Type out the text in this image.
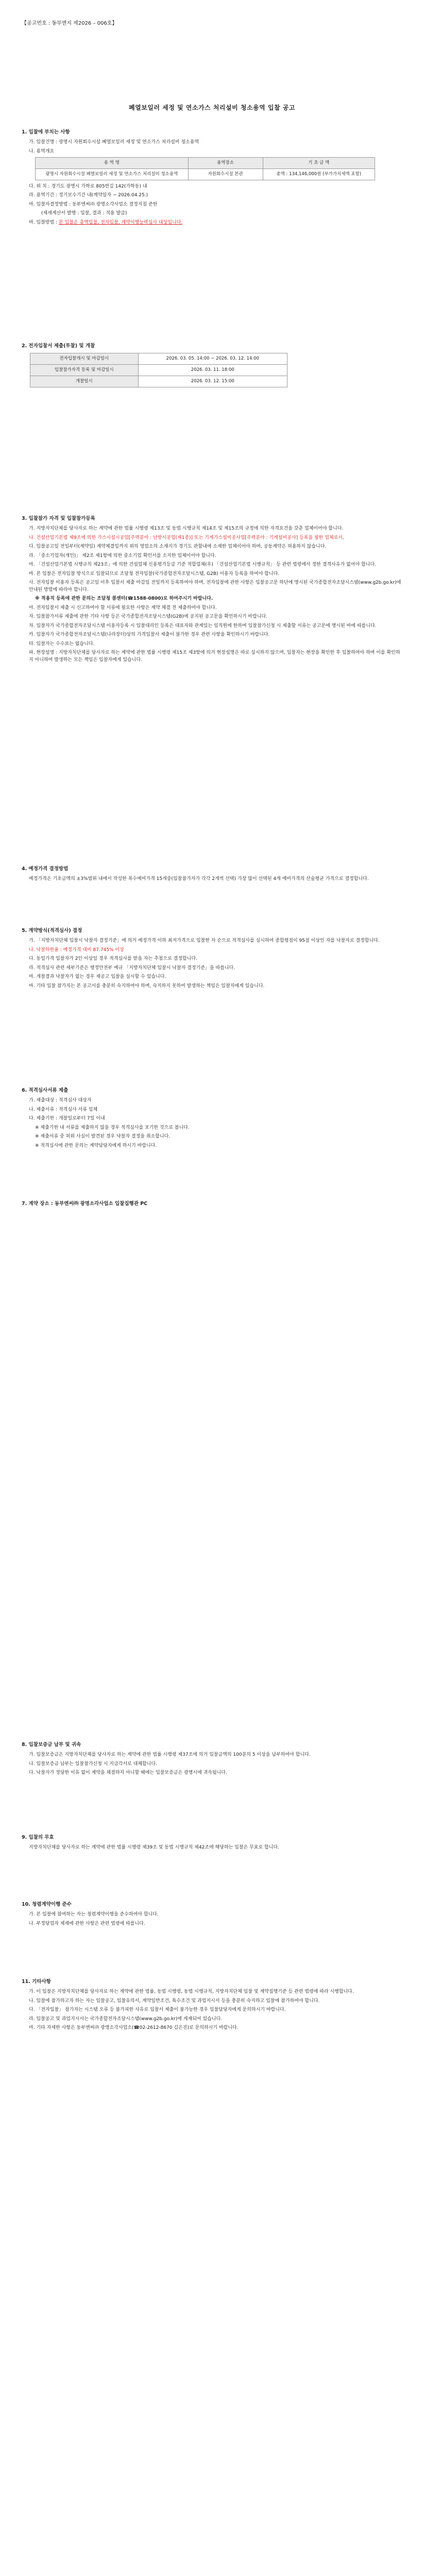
【공고번호 : 동부엔지 제2026 – 006호】
폐열보일러 세정 및 연소가스 처리설비 청소용역 입찰 공고
1. 입찰에 부치는 사항
가. 입찰건명 : 광명시 자원회수시설 폐열보일러 세정 및 연소가스 처리설비 청소용역
나. 용역개요
용 역 명	용역장소	기 초 금 액
광명시 자원회수시설 폐열보일러 세정 및 연소가스 처리설비 청소용역	자원회수시설 본관	총액 : 134,146,000원 (부가가치세액 포함)
다. 위 치 : 경기도 광명시 가학로 805번길 142(가학동) 내
라. 용역기간 : 정기보수기간 내(계약일자 ~ 2026.04.25.)
마. 입찰자결정방법 : 동부엔씨㈜ 광명소각사업소 결정지침 준한
(제세계산서 발행 : 입찰, 결과 : 적용 발급)
바. 입찰방법 : 본 입찰은 총액입찰, 전자입찰, 계약이행능력심사 대상입니다.
2. 전자입찰서 제출(투찰) 및 개찰
전자입찰개시 및 마감일시	2026. 03. 05. 14:00 ~ 2026. 03. 12. 14:00
입찰참가자격 등록 및 마감일시	2026. 03. 11. 18:00
개찰일시	2026. 03. 12. 15:00
3. 입찰참가 자격 및 입찰참가등록
가. 지방자치단체를 당사자로 하는 계약에 관한 법률 시행령 제13조 및 동법 시행규칙 제14조 및 제15조의 규정에 의한 자격요건을 갖춘 업체이어야 합니다.
나. 건설산업기본법 제9조에 의한 가스시설시공업[주력분야 : 난방시공업(제1종)] 또는 기계가스설비공사업[주력분야 : 기계설비공사] 등록을 필한 업체로서,
다. 입찰공고일 전일부터(계약일) 계약체결일까지 위의 영업소의 소재지가 경기도 관할내에 소재한 업체이어야 하며, 공동계약은 허용하지 않습니다.
라. 「중소기업자(개인)」 제2조 제1항에 의한 중소기업 확인서를 소지한 업체이어야 합니다.
마. 「건설산업기본법 시행규칙 제23조」에 의한 건설업체 신용평가등급 기준 적합업체(우) 「건설산업기본법 시행규칙」 등 관련 법령에서 정한 결격사유가 없어야 합니다.
바. 본 입찰은 전자입찰 방식으로 입찰되므로 조달청 전자입찰(국가종합전자조달시스템, G2B) 이용자 등록을 하여야 합니다.
사. 전자입찰 이용자 등록은 공고일 이후 입찰서 제출 마감일 전일까지 등록하여야 하며, 전자입찰에 관한 사항은 입찰공고문 하단에 명시된 국가종합전자조달시스템(www.g2b.go.kr)에 안내된 방법에 따라야 합니다.
※ 적용직 등록에 관한 문의는 조달청 콜센터(☎1588-0800)로 하여주시기 바랍니다.
아. 전자입찰서 제출 시 신고하여야 할 서류에 필요한 사항은 계약 체결 전 제출하여야 합니다.
자. 입찰참가서류 제출에 관한 기타 사항 등은 국가종합전자조달시스템(G2B)에 공지된 공고문을 확인하시기 바랍니다.
차. 입찰자가 국가종합전자조달시스템 이용자등록 시 입찰대리인 등록은 대표자와 관계있는 임직원에 한하며 입찰참가신청 시 제출할 서류는 공고문에 명시된 바에 따릅니다.
카. 입찰자가 국가종합전자조달시스템(나라장터)상의 가격입찰서 제출이 불가한 경우 관련 사항을 확인하시기 바랍니다.
타. 입찰자는 수수료는 없습니다.
파. 현장설명 : 지방자치단체를 당사자로 하는 계약에 관한 법률 시행령 제15조 제3항에 의거 현장설명은 따로 실시하지 않으며, 입찰자는 현장을 확인한 후 입찰하여야 하며 이를 확인하지 아니하여 발생하는 모든 책임은 입찰자에게 있습니다.
4. 예정가격 결정방법
예정가격은 기초금액의 ±3%범위 내에서 작성한 복수예비가격 15개중(입찰참가자가 각각 2개씩 선택) 가장 많이 선택된 4개 예비가격의 산술평균 가격으로 결정합니다.
5. 계약방식(적격심사) 결정
가. 「지방자치단체 입찰시 낙찰자 결정기준」에 의거 예정가격 이하 최저가격으로 입찰한 자 순으로 적격심사를 실시하여 종합평점이 95점 이상인 자를 낙찰자로 결정합니다.
나. 낙찰하한율 : 예정가격 대비 87.745% 이상
다. 동일가격 입찰자가 2인 이상일 경우 적격심사를 받을 자는 추첨으로 결정합니다.
라. 적격심사 관련 세부기준은 행정안전부 예규 「지방자치단체 입찰시 낙찰자 결정기준」을 따릅니다.
마. 개찰결과 낙찰자가 없는 경우 재공고 입찰을 실시할 수 있습니다.
바. 기타 입찰 참가자는 본 공고서를 충분히 숙지하여야 하며, 숙지하지 못하여 발생하는 책임은 입찰자에게 있습니다.
6. 적격심사서류 제출
가. 제출대상 : 적격심사 대상자
나. 제출서류 : 적격심사 서류 일체
다. 제출기한 : 개찰일로부터 7일 이내
※ 제출기한 내 서류를 제출하지 않을 경우 적격심사를 포기한 것으로 봅니다.
※ 제출서류 중 허위 사실이 발견된 경우 낙찰자 결정을 취소합니다.
※ 적격심사에 관한 문의는 계약담당자에게 하시기 바랍니다.
7. 계약 장소 : 동부엔씨㈜ 광명소각사업소 입찰집행관 PC
8. 입찰보증금 납부 및 귀속
가. 입찰보증금은 지방자치단체를 당사자로 하는 계약에 관한 법률 시행령 제37조에 의거 입찰금액의 100분의 5 이상을 납부하여야 합니다.
나. 입찰보증금 납부는 입찰참가신청 시 지급각서로 대체합니다.
다. 낙찰자가 정당한 이유 없이 계약을 체결하지 아니할 때에는 입찰보증금은 광명시에 귀속됩니다.
9. 입찰의 무효
지방자치단체를 당사자로 하는 계약에 관한 법률 시행령 제39조 및 동법 시행규칙 제42조에 해당하는 입찰은 무효로 합니다.
10. 청렴계약이행 준수
가. 본 입찰에 참여하는 자는 청렴계약이행을 준수하여야 합니다.
나. 부정당업자 제재에 관한 사항은 관련 법령에 따릅니다.
11. 기타사항
가. 이 입찰은 지방자치단체를 당사자로 하는 계약에 관한 법률, 동법 시행령, 동법 시행규칙, 지방자치단체 입찰 및 계약집행기준 등 관련 법령에 따라 시행합니다.
나. 입찰에 참가하고자 하는 자는 입찰공고, 입찰유의서, 계약일반조건, 특수조건 및 과업지시서 등을 충분히 숙지하고 입찰에 참가하여야 합니다.
다. 「전자입찰」 참가자는 시스템 오류 등 불가피한 사유로 입찰서 제출이 불가능한 경우 입찰담당자에게 문의하시기 바랍니다.
라. 입찰공고 및 과업지시서는 국가종합전자조달시스템(www.g2b.go.kr)에 게재되어 있습니다.
마. 기타 자세한 사항은 동부엔씨㈜ 광명소각사업소(☎02-2612-8670 김은진)로 문의하시기 바랍니다.
